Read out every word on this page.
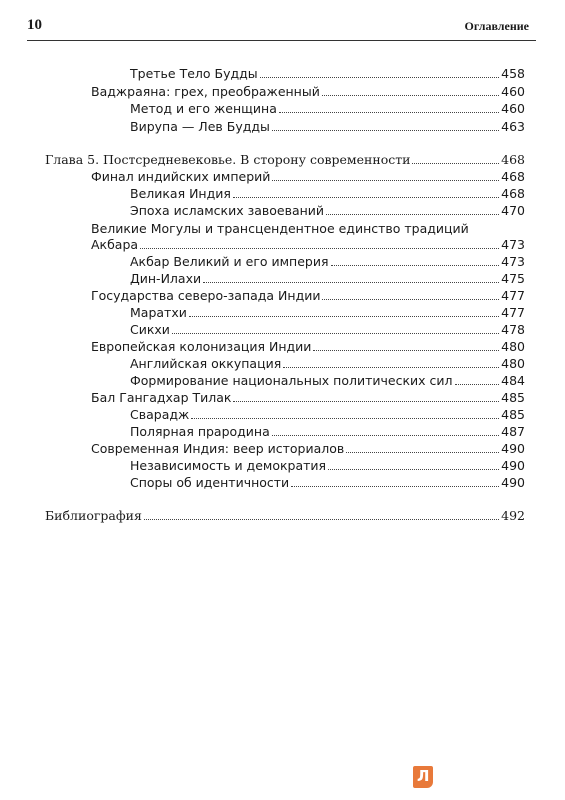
10	Оглавление
Третье Тело Будды	458
Ваджраяна: грех, преображенный	460
Метод и его женщина	460
Вирупа — Лев Будды	463
Глава 5. Постсредневековье. В сторону современности	468
Финал индийских империй	468
Великая Индия	468
Эпоха исламских завоеваний	470
Великие Могулы и трансцендентное единство традиций
Акбара	473
Акбар Великий и его империя	473
Дин-Илахи	475
Государства северо-запада Индии	477
Маратхи	477
Сикхи	478
Европейская колонизация Индии	480
Английская оккупация	480
Формирование национальных политических сил	484
Бал Гангадхар Тилак	485
Сварадж	485
Полярная прародина	487
Современная Индия: веер историалов	490
Независимость и демократия	490
Споры об идентичности	490
Библиография	492
Л
